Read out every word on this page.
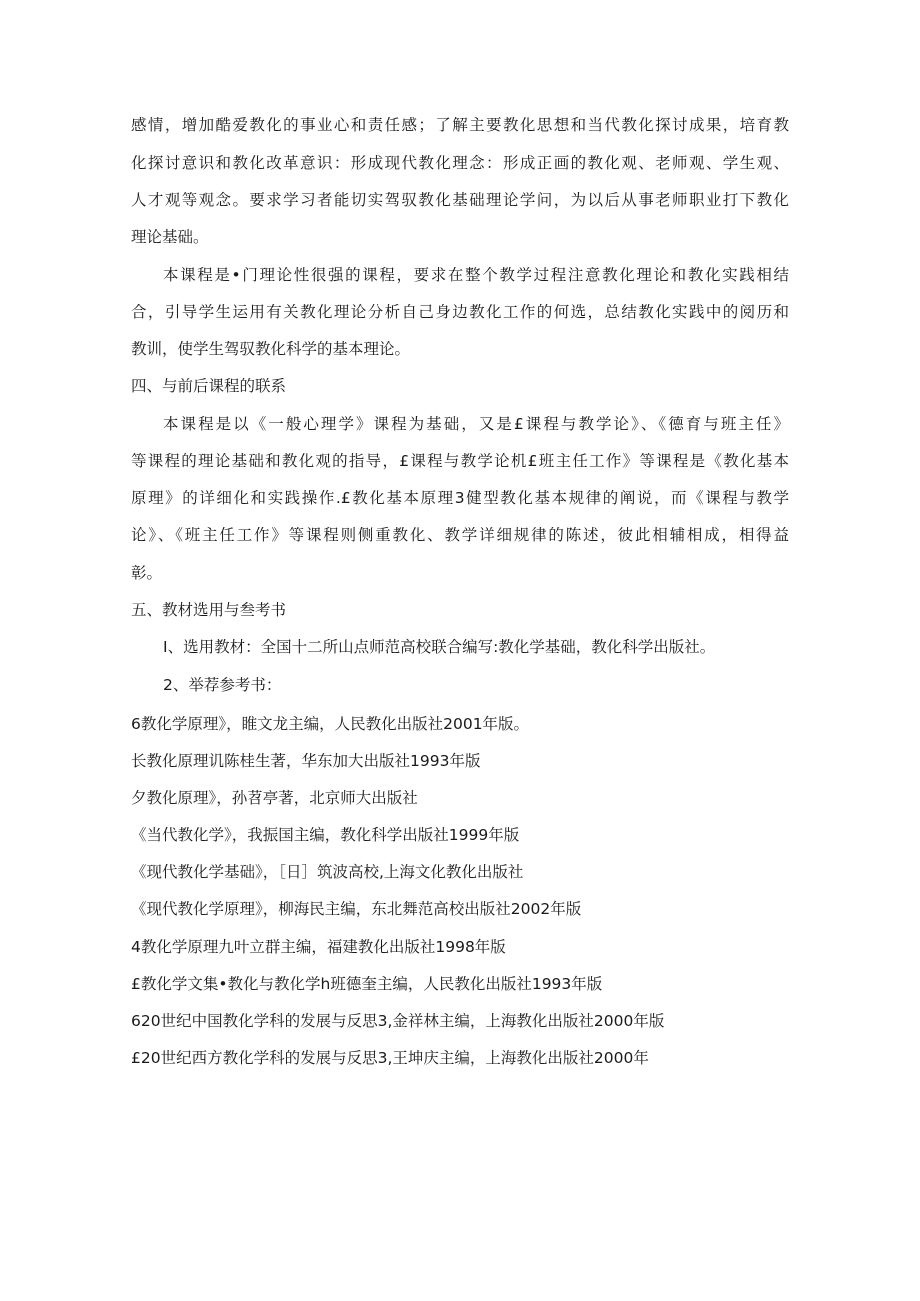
感情，增加酷爱教化的事业心和责任感；了解主要教化思想和当代教化探讨成果，培育教
化探讨意识和教化改革意识：形成现代教化理念：形成正画的教化观、老师观、学生观、
人才观等观念。要求学习者能切实驾驭教化基础理论学问，为以后从事老师职业打下教化
理论基础。
本课程是•门理论性很强的课程，要求在整个教学过程注意教化理论和教化实践相结
合，引导学生运用有关教化理论分析自己身边教化工作的何选，总结教化实践中的阅历和
教训，使学生驾驭教化科学的基本理论。
四、与前后课程的联系
本课程是以《一般心理学》课程为基础，又是£课程与教学论》、《德育与班主任》
等课程的理论基础和教化观的指导，£课程与教学论机£班主任工作》等课程是《教化基本
原理》的详细化和实践操作.£教化基本原理3健型教化基本规律的阐说，而《课程与教学
论》、《班主任工作》等课程则侧重教化、教学详细规律的陈述，彼此相辅相成，相得益
彰。
五、教材选用与叁考书
I、选用教材：全国十二所山点师范高校联合编写:教化学基础，教化科学出版社。
2、举荐参考书：
6教化学原理》，睢文龙主编，人民教化出版社2001年版。
长教化原理讥陈桂生著，华东加大出版社1993年版
夕教化原理》，孙苕亭著，北京师大出版社
《当代教化学》，我振国主编，教化科学出版社1999年版
《现代教化学基础》，［日］筑波高校,上海文化教化出版社
《现代教化学原理》，柳海民主编，东北舞范高校出版社2002年版
4教化学原理九叶立群主编，福建教化出版社1998年版
£教化学文集•教化与教化学h班德奎主编，人民教化出版社1993年版
620世纪中国教化学科的发展与反思3,金祥林主编，上海教化出版社2000年版
£20世纪西方教化学科的发展与反思3,王坤庆主编，上海教化出版社2000年
